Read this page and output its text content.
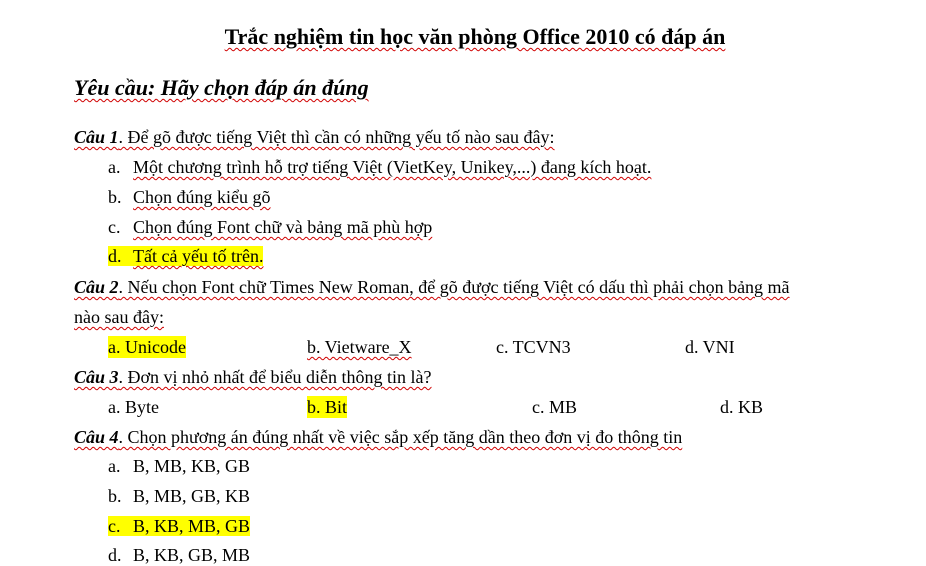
Trắc nghiệm tin học văn phòng Office 2010 có đáp án
Yêu cầu: Hãy chọn đáp án đúng
Câu 1. Để gõ được tiếng Việt thì cần có những yếu tố nào sau đây:
a. Một chương trình hỗ trợ tiếng Việt (VietKey, Unikey,...) đang kích hoạt.
b. Chọn đúng kiểu gõ
c. Chọn đúng Font chữ và bảng mã phù hợp
d. Tất cả yếu tố trên.
Câu 2. Nếu chọn Font chữ Times New Roman, để gõ được tiếng Việt có dấu thì phải chọn bảng mã
nào sau đây:
a. Unicode	b. Vietware_X	c. TCVN3	d. VNI
Câu 3. Đơn vị nhỏ nhất để biểu diễn thông tin là?
a. Byte	b. Bit	c. MB	d. KB
Câu 4. Chọn phương án đúng nhất về việc sắp xếp tăng dần theo đơn vị đo thông tin
a. B, MB, KB, GB
b. B, MB, GB, KB
c. B, KB, MB, GB
d. B, KB, GB, MB
